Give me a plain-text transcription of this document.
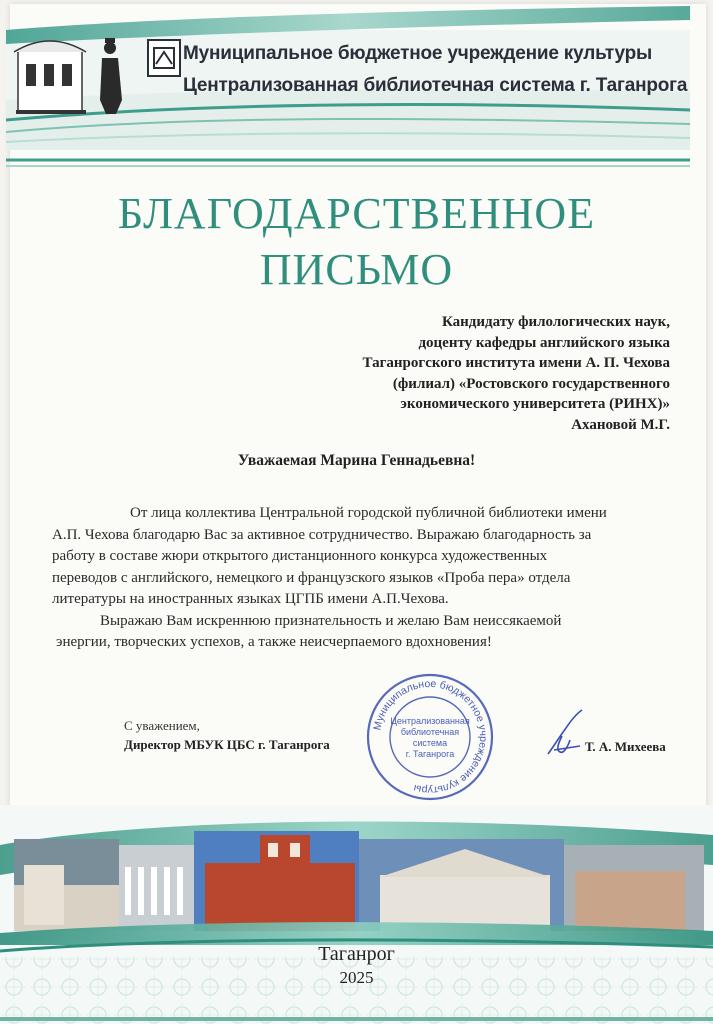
Муниципальное бюджетное учреждение культуры
Централизованная библиотечная система г. Таганрога
БЛАГОДАРСТВЕННОЕ
ПИСЬМО
Кандидату филологических наук,
доценту кафедры английского языка
Таганрогского института имени А. П. Чехова
(филиал) «Ростовского государственного
экономического университета (РИНХ)»
Ахановой М.Г.
Уважаемая Марина Геннадьевна!
От лица коллектива Центральной городской публичной библиотеки имени
А.П. Чехова благодарю Вас за активное сотрудничество. Выражаю благодарность за
работу в составе жюри открытого дистанционного конкурса художественных
переводов с английского, немецкого и французского языков «Проба пера» отдела
литературы на иностранных языках ЦГПБ имени А.П.Чехова.
Выражаю Вам искреннюю признательность и желаю Вам неиссякаемой
энергии, творческих успехов, а также неисчерпаемого вдохновения!
С уважением,
Директор МБУК ЦБС г. Таганрога	Т. А. Михеева
Муниципальное бюджетное учреждение культуры
Централизованная
библиотечная
система
г. Таганрога
Таганрог
2025
